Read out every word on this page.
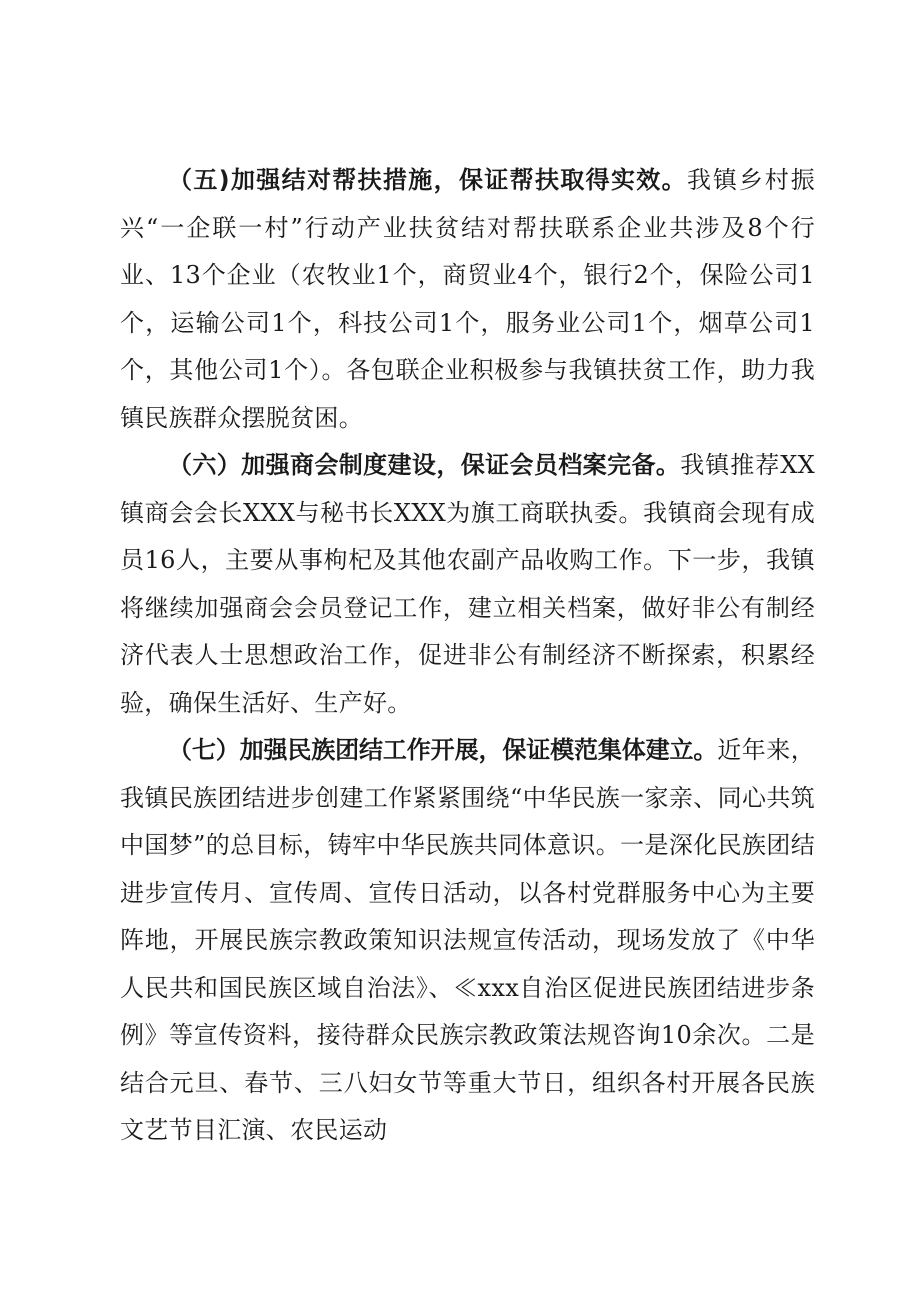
（五)加强结对帮扶措施，保证帮扶取得实效。我镇乡村振兴“一企联一村”行动产业扶贫结对帮扶联系企业共涉及8个行业、13个企业（农牧业1个，商贸业4个，银行2个，保险公司1个，运输公司1个，科技公司1个，服务业公司1个，烟草公司1个，其他公司1个）。各包联企业积极参与我镇扶贫工作，助力我镇民族群众摆脱贫困。

（六）加强商会制度建设，保证会员档案完备。我镇推荐XX镇商会会长XXX与秘书长XXX为旗工商联执委。我镇商会现有成员16人，主要从事枸杞及其他农副产品收购工作。下一步，我镇将继续加强商会会员登记工作，建立相关档案，做好非公有制经济代表人士思想政治工作，促进非公有制经济不断探索，积累经验，确保生活好、生产好。

（七）加强民族团结工作开展，保证模范集体建立。近年来，我镇民族团结进步创建工作紧紧围绕“中华民族一家亲、同心共筑中国梦”的总目标，铸牢中华民族共同体意识。一是深化民族团结进步宣传月、宣传周、宣传日活动，以各村党群服务中心为主要阵地，开展民族宗教政策知识法规宣传活动，现场发放了《中华人民共和国民族区域自治法》、≪xxx自治区促进民族团结进步条例》等宣传资料，接待群众民族宗教政策法规咨询10余次。二是结合元旦、春节、三八妇女节等重大节日，组织各村开展各民族文艺节目汇演、农民运动
